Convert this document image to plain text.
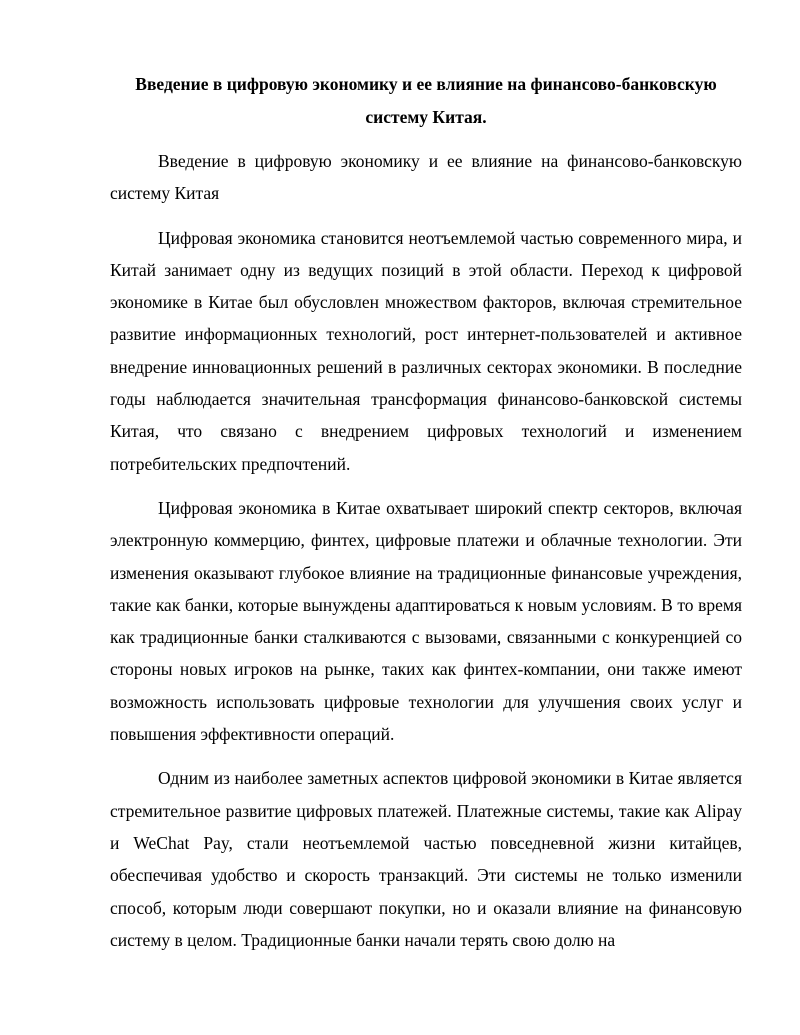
Введение в цифровую экономику и ее влияние на финансово-банковскую систему Китая.

Введение в цифровую экономику и ее влияние на финансово-банковскую систему Китая

Цифровая экономика становится неотъемлемой частью современного мира, и Китай занимает одну из ведущих позиций в этой области. Переход к цифровой экономике в Китае был обусловлен множеством факторов, включая стремительное развитие информационных технологий, рост интернет-пользователей и активное внедрение инновационных решений в различных секторах экономики. В последние годы наблюдается значительная трансформация финансово-банковской системы Китая, что связано с внедрением цифровых технологий и изменением потребительских предпочтений.

Цифровая экономика в Китае охватывает широкий спектр секторов, включая электронную коммерцию, финтех, цифровые платежи и облачные технологии. Эти изменения оказывают глубокое влияние на традиционные финансовые учреждения, такие как банки, которые вынуждены адаптироваться к новым условиям. В то время как традиционные банки сталкиваются с вызовами, связанными с конкуренцией со стороны новых игроков на рынке, таких как финтех-компании, они также имеют возможность использовать цифровые технологии для улучшения своих услуг и повышения эффективности операций.

Одним из наиболее заметных аспектов цифровой экономики в Китае является стремительное развитие цифровых платежей. Платежные системы, такие как Alipay и WeChat Pay, стали неотъемлемой частью повседневной жизни китайцев, обеспечивая удобство и скорость транзакций. Эти системы не только изменили способ, которым люди совершают покупки, но и оказали влияние на финансовую систему в целом. Традиционные банки начали терять свою долю на
